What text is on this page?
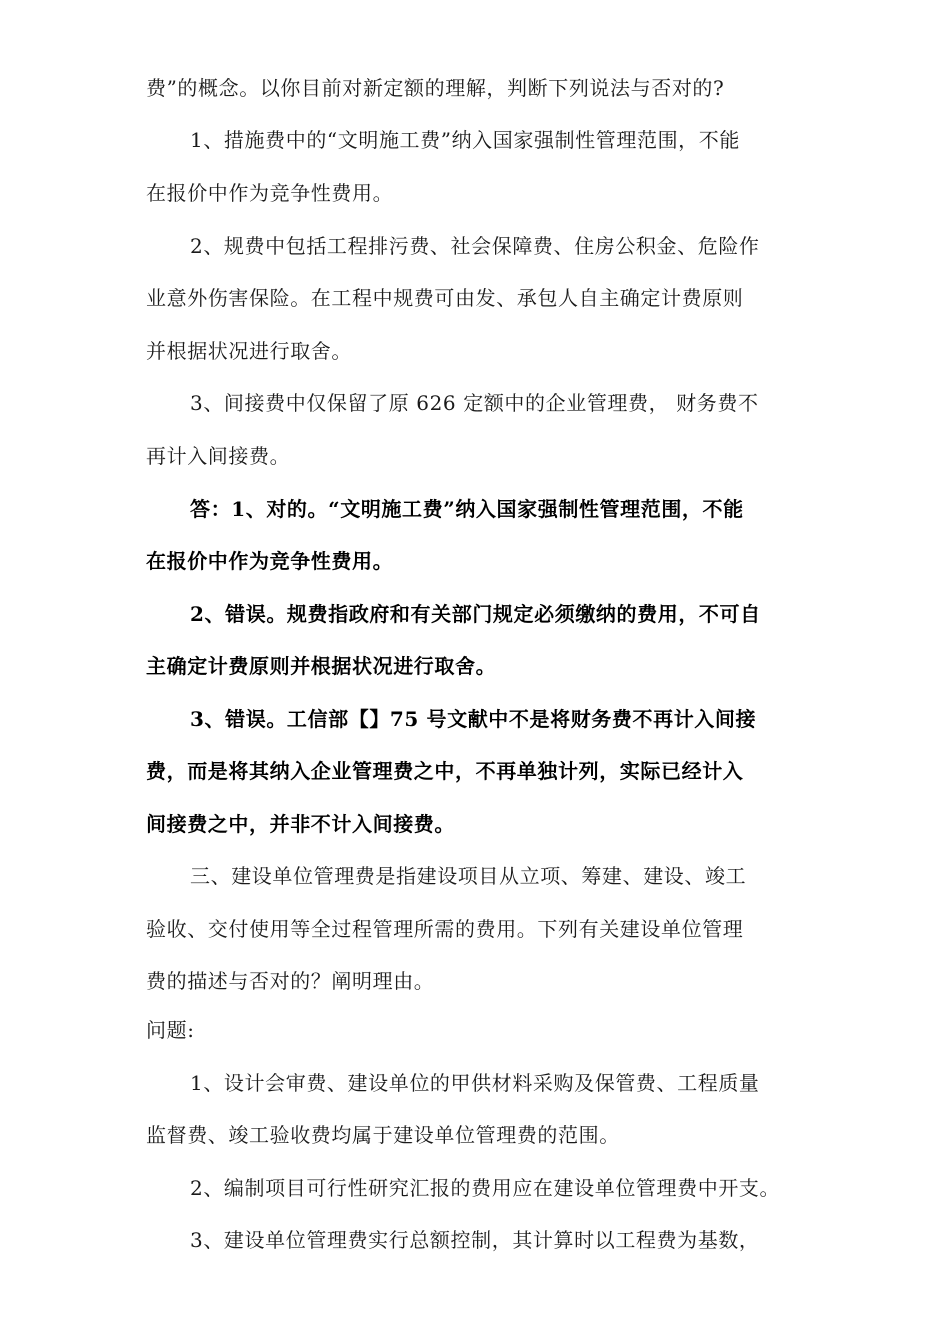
费”的概念。以你目前对新定额的理解，判断下列说法与否对的?
1、措施费中的“文明施工费”纳入国家强制性管理范围，不能
在报价中作为竞争性费用。
2、规费中包括工程排污费、社会保障费、住房公积金、危险作
业意外伤害保险。在工程中规费可由发、承包人自主确定计费原则
并根据状况进行取舍。
3、间接费中仅保留了原 626 定额中的企业管理费， 财务费不
再计入间接费。
答：1、对的。“文明施工费”纳入国家强制性管理范围，不能
在报价中作为竞争性费用。
2、错误。规费指政府和有关部门规定必须缴纳的费用，不可自
主确定计费原则并根据状况进行取舍。
3、错误。工信部【】75 号文献中不是将财务费不再计入间接
费，而是将其纳入企业管理费之中，不再单独计列，实际已经计入
间接费之中，并非不计入间接费。
三、建设单位管理费是指建设项目从立项、筹建、建设、竣工
验收、交付使用等全过程管理所需的费用。下列有关建设单位管理
费的描述与否对的？阐明理由。
问题:
1、设计会审费、建设单位的甲供材料采购及保管费、工程质量
监督费、竣工验收费均属于建设单位管理费的范围。
2、编制项目可行性研究汇报的费用应在建设单位管理费中开支。
3、建设单位管理费实行总额控制，其计算时以工程费为基数，
